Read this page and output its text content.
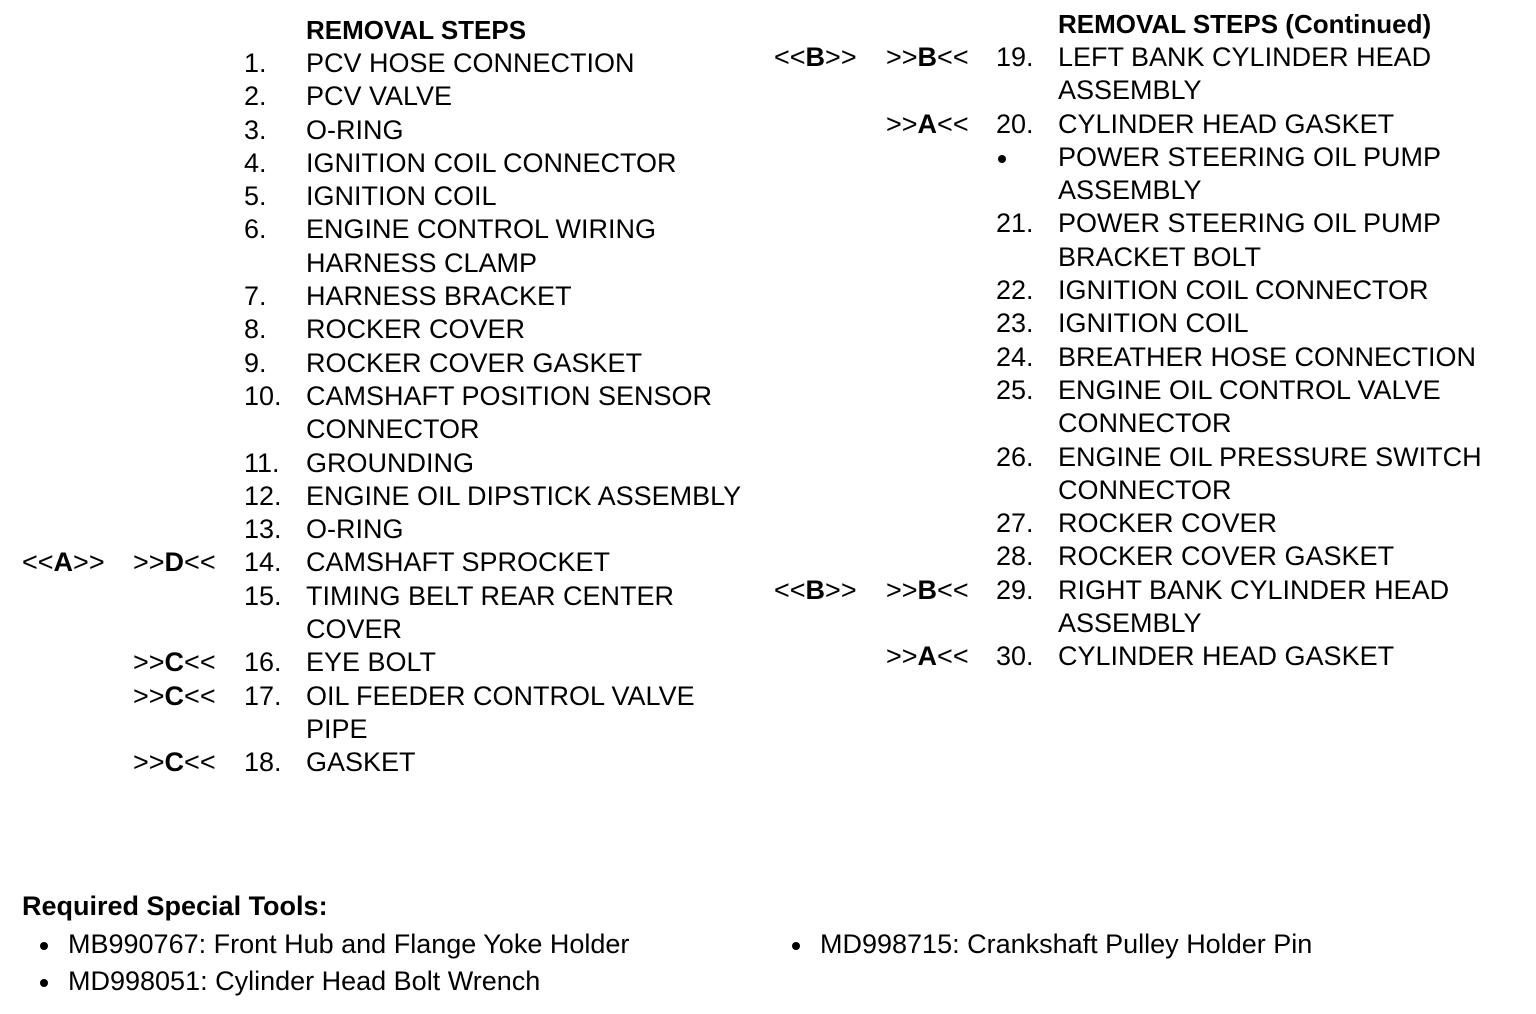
REMOVAL STEPS
1. PCV HOSE CONNECTION
2. PCV VALVE
3. O-RING
4. IGNITION COIL CONNECTOR
5. IGNITION COIL
6. ENGINE CONTROL WIRING HARNESS CLAMP
7. HARNESS BRACKET
8. ROCKER COVER
9. ROCKER COVER GASKET
10. CAMSHAFT POSITION SENSOR CONNECTOR
11. GROUNDING
12. ENGINE OIL DIPSTICK ASSEMBLY
13. O-RING
<<A>> >>D<< 14. CAMSHAFT SPROCKET
15. TIMING BELT REAR CENTER COVER
>>C<< 16. EYE BOLT
>>C<< 17. OIL FEEDER CONTROL VALVE PIPE
>>C<< 18. GASKET
REMOVAL STEPS (Continued)
<<B>> >>B<< 19. LEFT BANK CYLINDER HEAD ASSEMBLY
>>A<< 20. CYLINDER HEAD GASKET
POWER STEERING OIL PUMP ASSEMBLY
21. POWER STEERING OIL PUMP BRACKET BOLT
22. IGNITION COIL CONNECTOR
23. IGNITION COIL
24. BREATHER HOSE CONNECTION
25. ENGINE OIL CONTROL VALVE CONNECTOR
26. ENGINE OIL PRESSURE SWITCH CONNECTOR
27. ROCKER COVER
28. ROCKER COVER GASKET
<<B>> >>B<< 29. RIGHT BANK CYLINDER HEAD ASSEMBLY
>>A<< 30. CYLINDER HEAD GASKET
Required Special Tools:
MB990767: Front Hub and Flange Yoke Holder
MD998051: Cylinder Head Bolt Wrench
MD998715: Crankshaft Pulley Holder Pin
